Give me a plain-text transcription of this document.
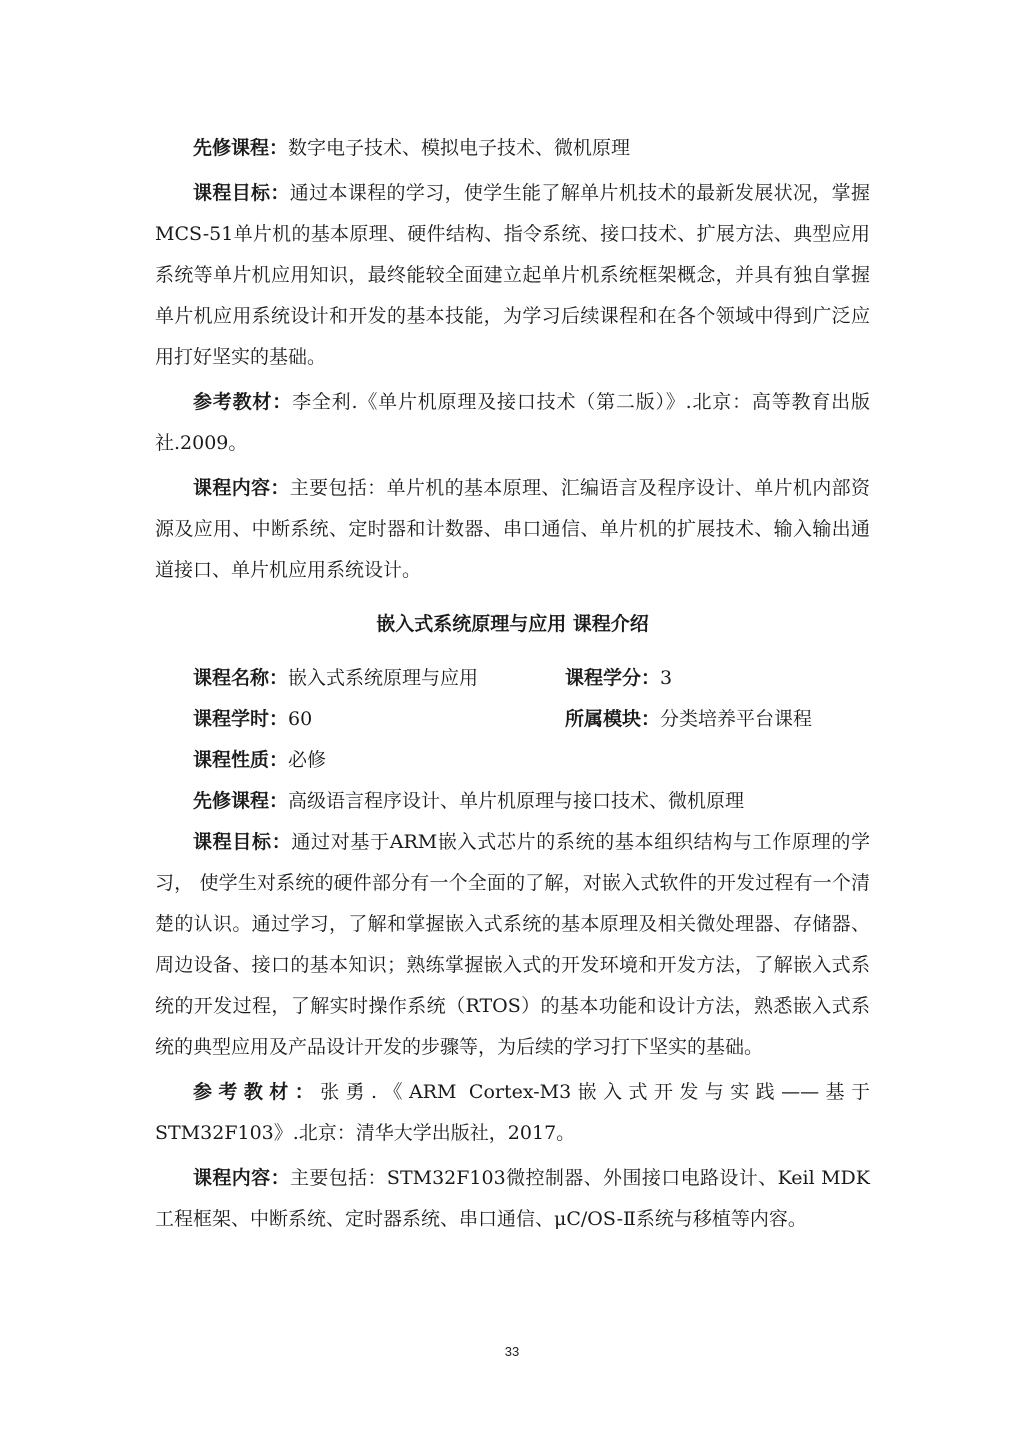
先修课程：数字电子技术、模拟电子技术、微机原理

课程目标：通过本课程的学习，使学生能了解单片机技术的最新发展状况，掌握MCS-51单片机的基本原理、硬件结构、指令系统、接口技术、扩展方法、典型应用系统等单片机应用知识，最终能较全面建立起单片机系统框架概念，并具有独自掌握单片机应用系统设计和开发的基本技能，为学习后续课程和在各个领域中得到广泛应用打好坚实的基础。

参考教材：李全利.《单片机原理及接口技术（第二版）》.北京：高等教育出版社.2009。

课程内容：主要包括：单片机的基本原理、汇编语言及程序设计、单片机内部资源及应用、中断系统、定时器和计数器、串口通信、单片机的扩展技术、输入输出通道接口、单片机应用系统设计。

嵌入式系统原理与应用 课程介绍
课程名称：嵌入式系统原理与应用	课程学分：3
课程学时：60	所属模块：分类培养平台课程
课程性质：必修
先修课程：高级语言程序设计、单片机原理与接口技术、微机原理

课程目标：通过对基于ARM嵌入式芯片的系统的基本组织结构与工作原理的学习， 使学生对系统的硬件部分有一个全面的了解，对嵌入式软件的开发过程有一个清楚的认识。通过学习，了解和掌握嵌入式系统的基本原理及相关微处理器、存储器、周边设备、接口的基本知识；熟练掌握嵌入式的开发环境和开发方法，了解嵌入式系统的开发过程，了解实时操作系统（RTOS）的基本功能和设计方法，熟悉嵌入式系统的典型应用及产品设计开发的步骤等，为后续的学习打下坚实的基础。

参考教材：张勇.《ARM Cortex-M3嵌入式开发与实践——基于STM32F103》.北京：清华大学出版社，2017。

课程内容：主要包括：STM32F103微控制器、外围接口电路设计、Keil MDK工程框架、中断系统、定时器系统、串口通信、μC/OS-Ⅱ系统与移植等内容。

33
